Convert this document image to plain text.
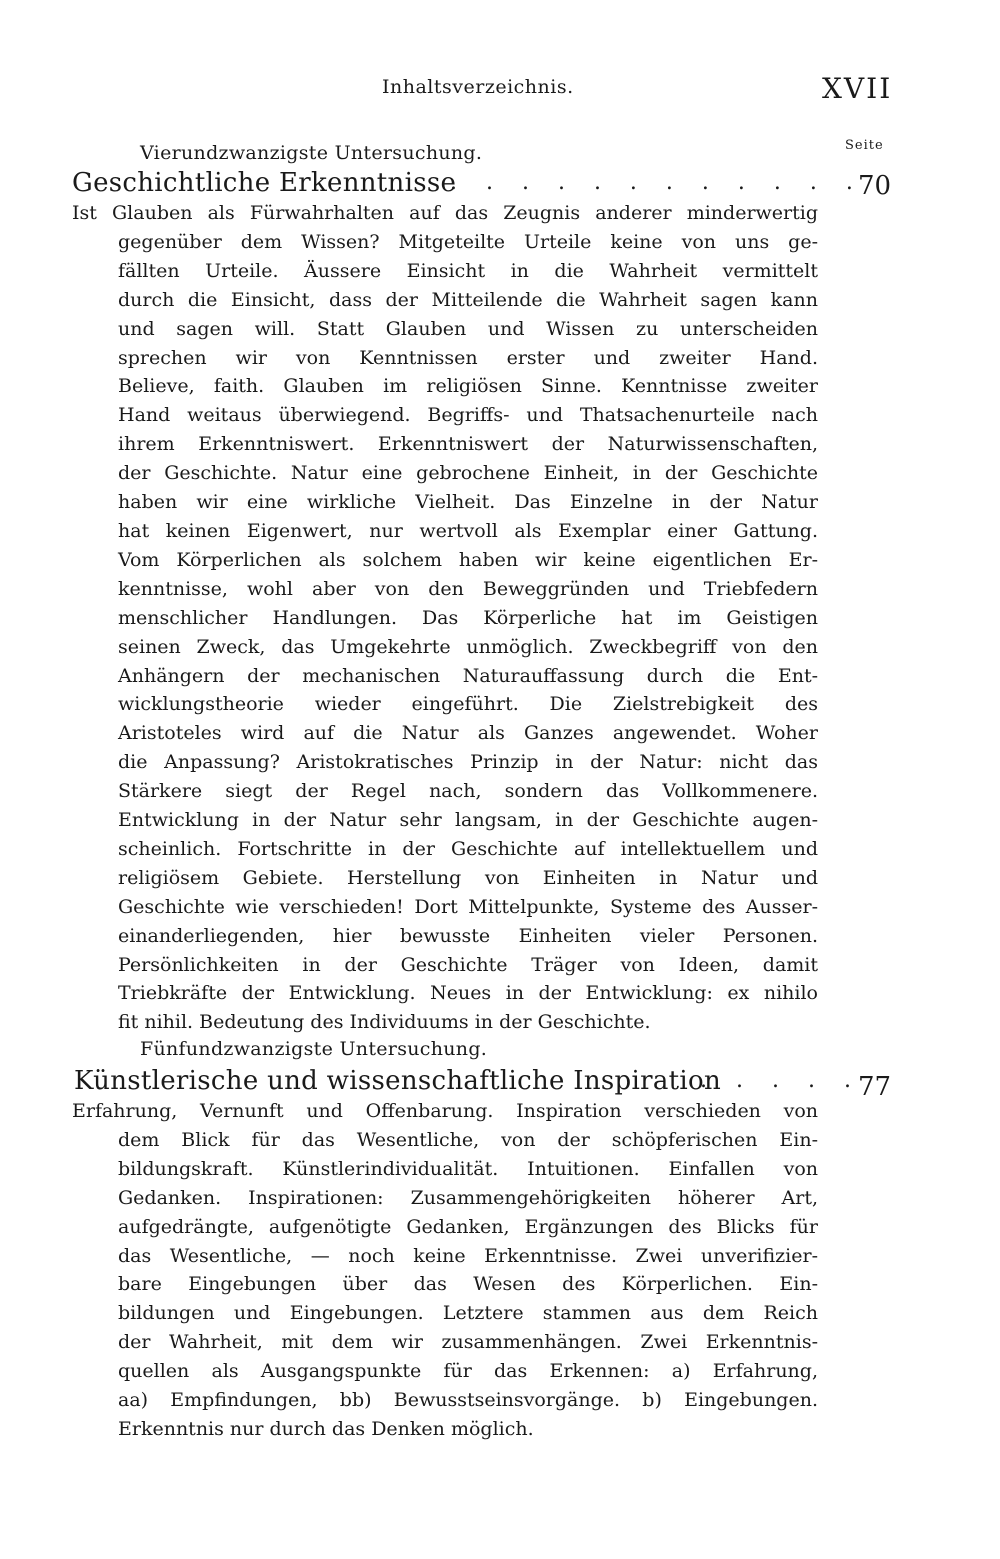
Inhaltsverzeichnis.	XVII
Seite
Vierundzwanzigste Untersuchung.
Geschichtliche Erkenntnisse
. . . . . . . . . . . .
70
Ist Glauben als Fürwahrhalten auf das Zeugnis anderer minderwertig
gegenüber dem Wissen? Mitgeteilte Urteile keine von uns ge-
fällten Urteile. Äussere Einsicht in die Wahrheit vermittelt
durch die Einsicht, dass der Mitteilende die Wahrheit sagen kann
und sagen will. Statt Glauben und Wissen zu unterscheiden
sprechen wir von Kenntnissen erster und zweiter Hand.
Believe, faith. Glauben im religiösen Sinne. Kenntnisse zweiter
Hand weitaus überwiegend. Begriffs- und Thatsachenurteile nach
ihrem Erkenntniswert. Erkenntniswert der Naturwissenschaften,
der Geschichte. Natur eine gebrochene Einheit, in der Geschichte
haben wir eine wirkliche Vielheit. Das Einzelne in der Natur
hat keinen Eigenwert, nur wertvoll als Exemplar einer Gattung.
Vom Körperlichen als solchem haben wir keine eigentlichen Er-
kenntnisse, wohl aber von den Beweggründen und Triebfedern
menschlicher Handlungen. Das Körperliche hat im Geistigen
seinen Zweck, das Umgekehrte unmöglich. Zweckbegriff von den
Anhängern der mechanischen Naturauffassung durch die Ent-
wicklungstheorie wieder eingeführt. Die Zielstrebigkeit des
Aristoteles wird auf die Natur als Ganzes angewendet. Woher
die Anpassung? Aristokratisches Prinzip in der Natur: nicht das
Stärkere siegt der Regel nach, sondern das Vollkommenere.
Entwicklung in der Natur sehr langsam, in der Geschichte augen-
scheinlich. Fortschritte in der Geschichte auf intellektuellem und
religiösem Gebiete. Herstellung von Einheiten in Natur und
Geschichte wie verschieden! Dort Mittelpunkte, Systeme des Ausser-
einanderliegenden, hier bewusste Einheiten vieler Personen.
Persönlichkeiten in der Geschichte Träger von Ideen, damit
Triebkräfte der Entwicklung. Neues in der Entwicklung: ex nihilo
fit nihil. Bedeutung des Individuums in der Geschichte.
Fünfundzwanzigste Untersuchung.
Künstlerische und wissenschaftliche Inspiration
. . . . .
77
Erfahrung, Vernunft und Offenbarung. Inspiration verschieden von
dem Blick für das Wesentliche, von der schöpferischen Ein-
bildungskraft. Künstlerindividualität. Intuitionen. Einfallen von
Gedanken. Inspirationen: Zusammengehörigkeiten höherer Art,
aufgedrängte, aufgenötigte Gedanken, Ergänzungen des Blicks für
das Wesentliche, — noch keine Erkenntnisse. Zwei unverifizier-
bare Eingebungen über das Wesen des Körperlichen. Ein-
bildungen und Eingebungen. Letztere stammen aus dem Reich
der Wahrheit, mit dem wir zusammenhängen. Zwei Erkenntnis-
quellen als Ausgangspunkte für das Erkennen: a) Erfahrung,
aa) Empfindungen, bb) Bewusstseinsvorgänge. b) Eingebungen.
Erkenntnis nur durch das Denken möglich.
